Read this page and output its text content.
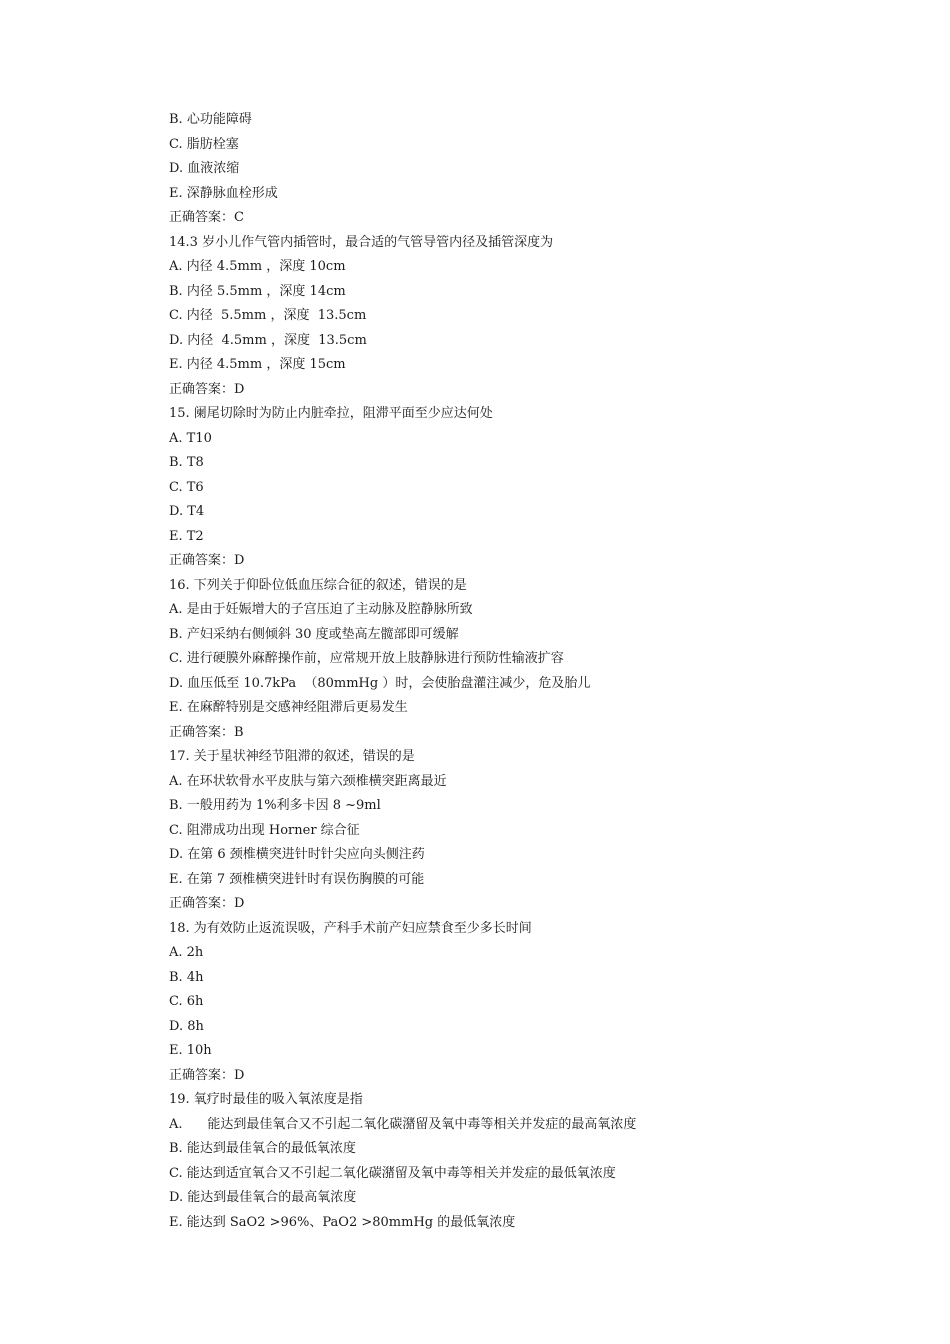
B. 心功能障碍
C. 脂肪栓塞
D. 血液浓缩
E. 深静脉血栓形成
正确答案：C
14.3 岁小儿作气管内插管时，最合适的气管导管内径及插管深度为
A. 内径 4.5mm ，深度 10cm
B. 内径 5.5mm ，深度 14cm
C. 内径  5.5mm ，深度  13.5cm
D. 内径  4.5mm ，深度  13.5cm
E. 内径 4.5mm ，深度 15cm
正确答案：D
15. 阑尾切除时为防止内脏牵拉，阻滞平面至少应达何处
A. T10
B. T8
C. T6
D. T4
E. T2
正确答案：D
16. 下列关于仰卧位低血压综合征的叙述，错误的是
A. 是由于妊娠增大的子宫压迫了主动脉及腔静脉所致
B. 产妇采纳右侧倾斜 30 度或垫高左髋部即可缓解
C. 进行硬膜外麻醉操作前，应常规开放上肢静脉进行预防性输液扩容
D. 血压低至 10.7kPa  （80mmHg ）时，会使胎盘灌注减少，危及胎儿
E. 在麻醉特别是交感神经阻滞后更易发生
正确答案：B
17. 关于星状神经节阻滞的叙述，错误的是
A. 在环状软骨水平皮肤与第六颈椎横突距离最近
B. 一般用药为 1%利多卡因 8 ~9ml
C. 阻滞成功出现 Horner 综合征
D. 在第 6 颈椎横突进针时针尖应向头侧注药
E. 在第 7 颈椎横突进针时有误伤胸膜的可能
正确答案：D
18. 为有效防止返流误吸，产科手术前产妇应禁食至少多长时间
A. 2h
B. 4h
C. 6h
D. 8h
E. 10h
正确答案：D
19. 氧疗时最佳的吸入氧浓度是指
A.      能达到最佳氧合又不引起二氧化碳潴留及氧中毒等相关并发症的最高氧浓度
B. 能达到最佳氧合的最低氧浓度
C. 能达到适宜氧合又不引起二氧化碳潴留及氧中毒等相关并发症的最低氧浓度
D. 能达到最佳氧合的最高氧浓度
E. 能达到 SaO2 >96%、PaO2 >80mmHg 的最低氧浓度
